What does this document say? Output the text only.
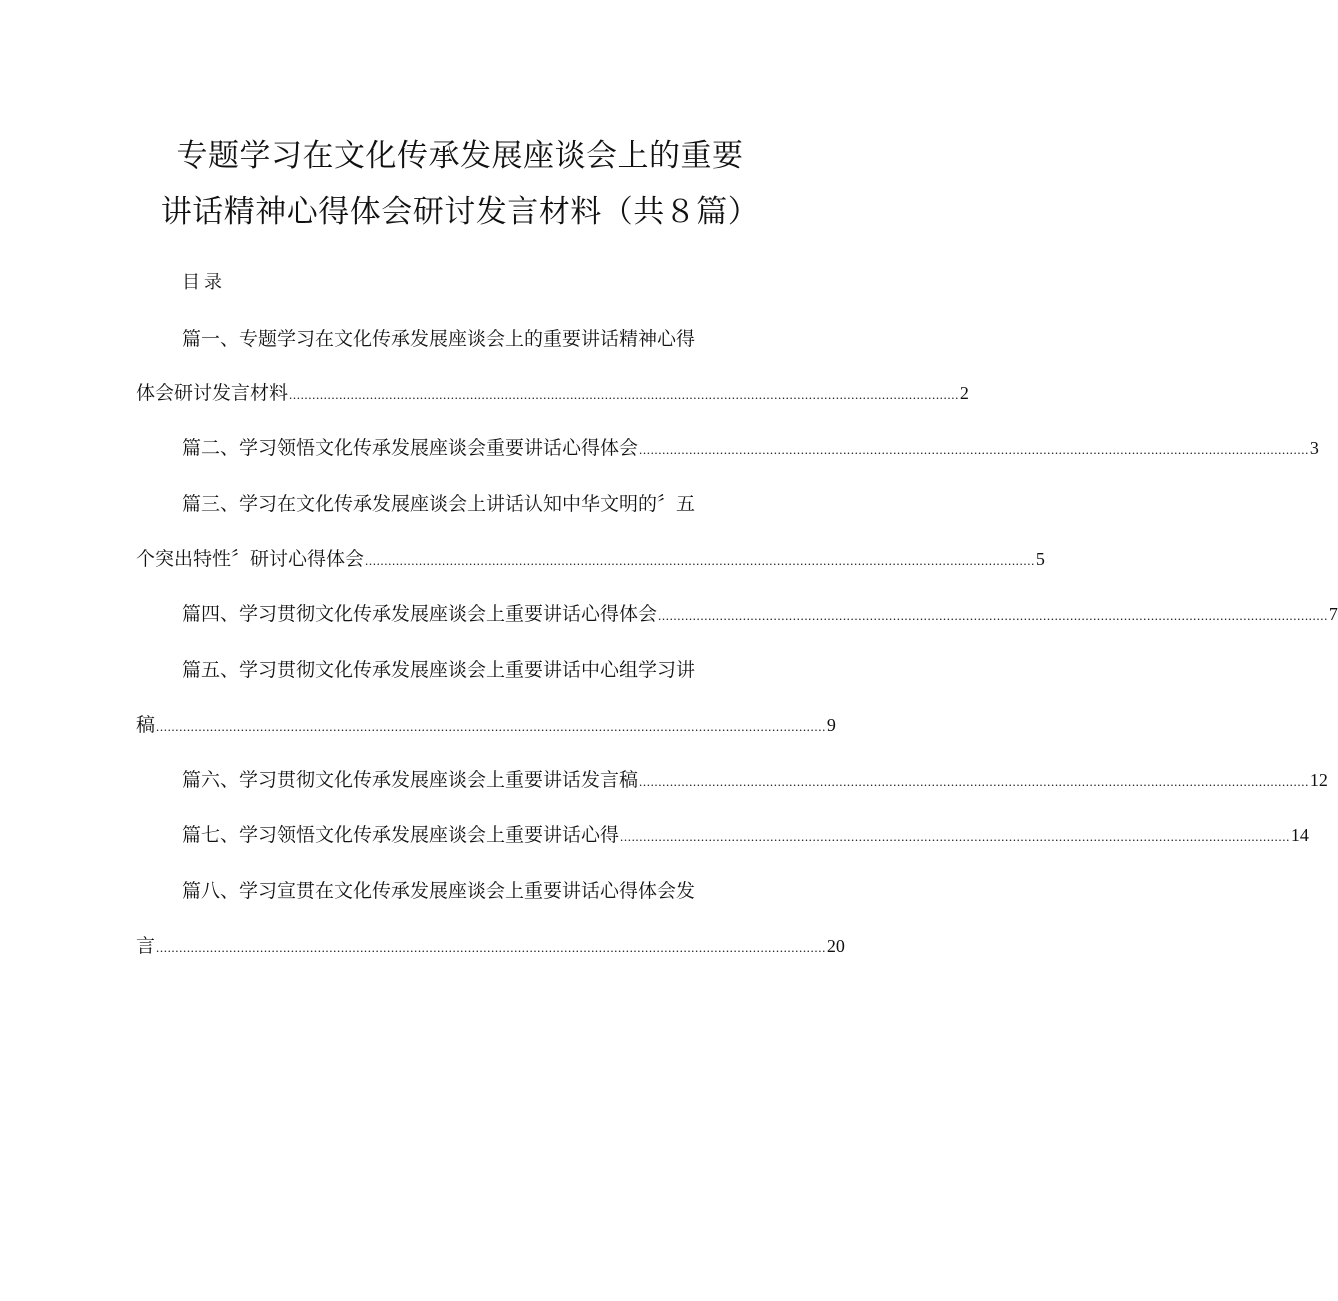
专题学习在文化传承发展座谈会上的重要
讲话精神心得体会研讨发言材料（共８篇）
目录
篇一、专题学习在文化传承发展座谈会上的重要讲话精神心得
体会研讨发言材料 .............................................................................................................................................................................. 2
篇二、学习领悟文化传承发展座谈会重要讲话心得体会 .............................................................................................................................................................................. 3
篇三、学习在文化传承发展座谈会上讲话认知中华文明的〞五
个突出特性〞研讨心得体会 .............................................................................................................................................................................. 5
篇四、学习贯彻文化传承发展座谈会上重要讲话心得体会 .............................................................................................................................................................................. 7
篇五、学习贯彻文化传承发展座谈会上重要讲话中心组学习讲
稿 .............................................................................................................................................................................. 9
篇六、学习贯彻文化传承发展座谈会上重要讲话发言稿 .............................................................................................................................................................................. 12
篇七、学习领悟文化传承发展座谈会上重要讲话心得 .............................................................................................................................................................................. 14
篇八、学习宣贯在文化传承发展座谈会上重要讲话心得体会发
言 .............................................................................................................................................................................. 20
